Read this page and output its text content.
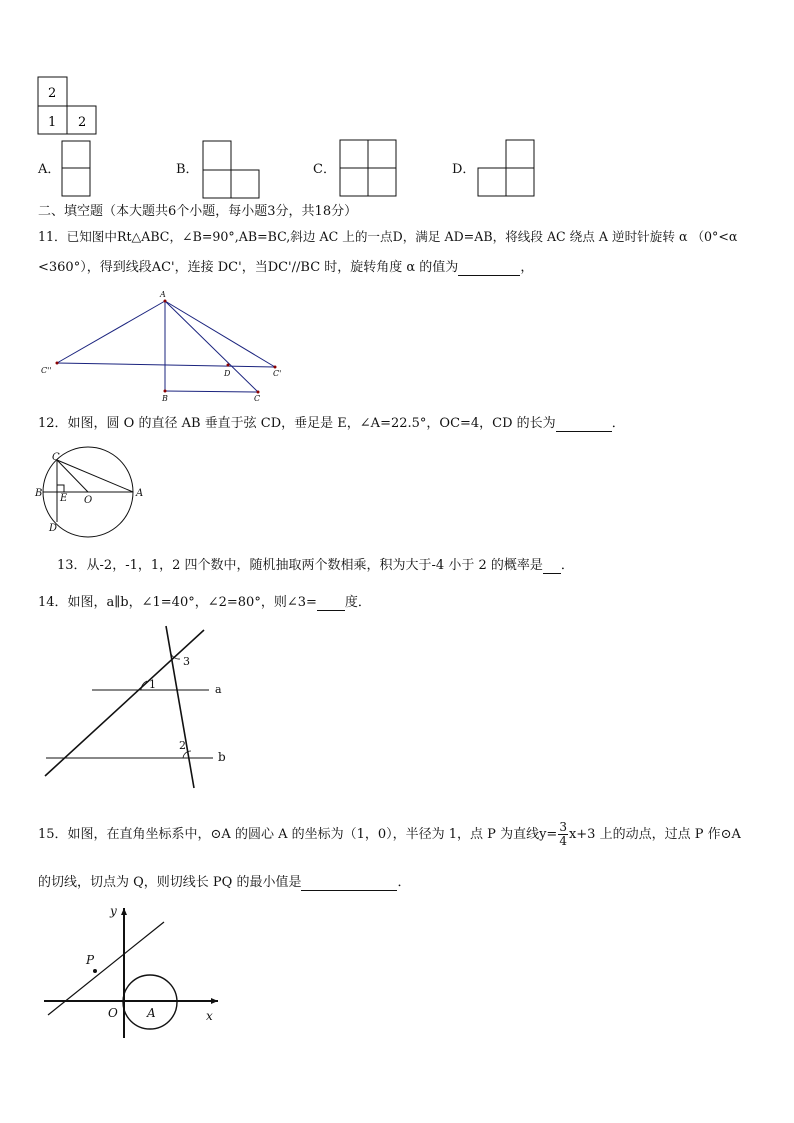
2
1 2
A．	B．	C．	D．
二、填空题（本大题共6个小题，每小题3分，共18分）
11．已知图中Rt△ABC，∠B=90°,AB=BC,斜边 AC 上的一点D，满足 AD=AB，将线段 AC 绕点 A 逆时针旋转 α （0°<α
<360°），得到线段AC'，连接 DC'，当DC'//BC 时，旋转角度 α 的值为	，
A
C''	C'
D
B	C
12．如图，圆 O 的直径 AB 垂直于弦 CD，垂足是 E，∠A=22.5°，OC=4，CD 的长为	．
C
B E O
A
D
13．从-2，-1，1，2 四个数中，随机抽取两个数相乘，积为大于-4 小于 2 的概率是 ．
14．如图，a∥b，∠1=40°，∠2=80°，则∠3= 度．
1
2
3
a
b
15．如图，在直角坐标系中，⊙A 的圆心 A 的坐标为（1，0），半径为 1，点 P 为直线$y= \frac{3}{4} x+3$ 上的动点，过点 P 作⊙A
的切线，切点为 Q，则切线长 PQ 的最小值是	．
y
P
O A	x
